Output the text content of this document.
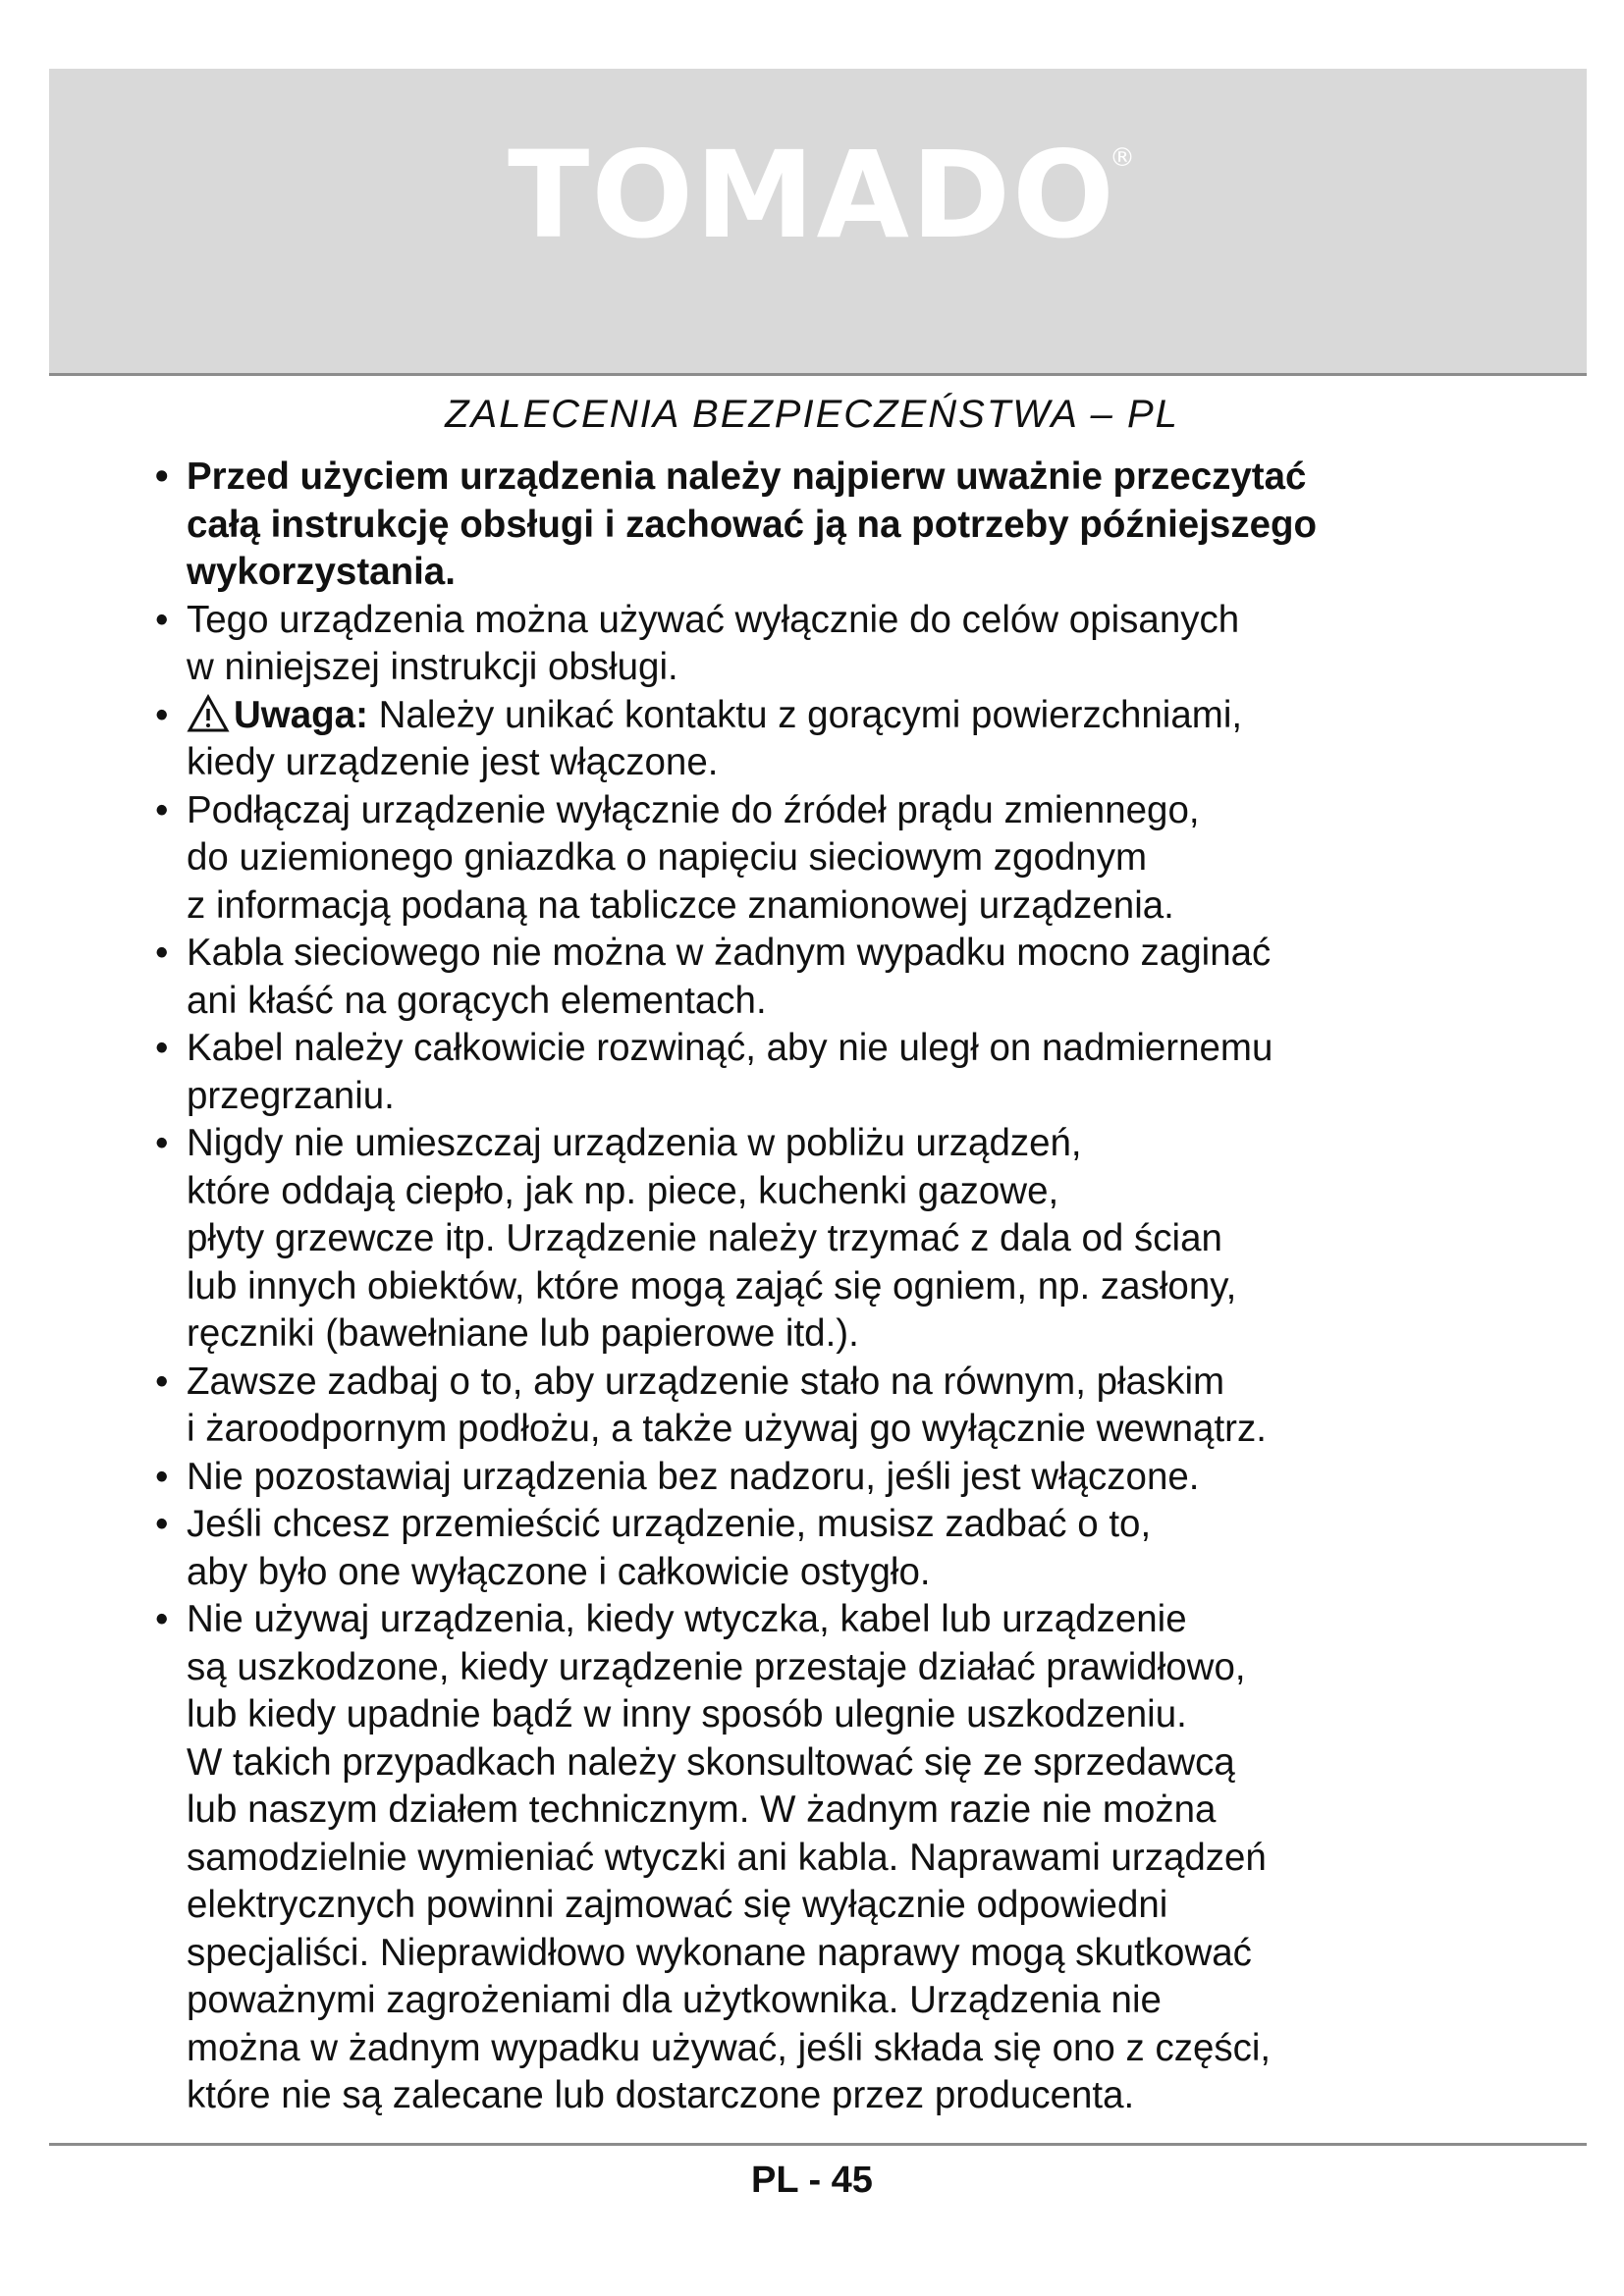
TOMADO
®
ZALECENIA BEZPIECZEŃSTWA – PL
• Przed użyciem urządzenia należy najpierw uważnie przeczytać
całą instrukcję obsługi i zachować ją na potrzeby późniejszego
wykorzystania.
• Tego urządzenia można używać wyłącznie do celów opisanych
w niniejszej instrukcji obsługi.
• Uwaga: Należy unikać kontaktu z gorącymi powierzchniami,
kiedy urządzenie jest włączone.
• Podłączaj urządzenie wyłącznie do źródeł prądu zmiennego,
do uziemionego gniazdka o napięciu sieciowym zgodnym
z informacją podaną na tabliczce znamionowej urządzenia.
• Kabla sieciowego nie można w żadnym wypadku mocno zaginać
ani kłaść na gorących elementach.
• Kabel należy całkowicie rozwinąć, aby nie uległ on nadmiernemu
przegrzaniu.
• Nigdy nie umieszczaj urządzenia w pobliżu urządzeń,
które oddają ciepło, jak np. piece, kuchenki gazowe,
płyty grzewcze itp. Urządzenie należy trzymać z dala od ścian
lub innych obiektów, które mogą zająć się ogniem, np. zasłony,
ręczniki (bawełniane lub papierowe itd.).
• Zawsze zadbaj o to, aby urządzenie stało na równym, płaskim
i żaroodpornym podłożu, a także używaj go wyłącznie wewnątrz.
• Nie pozostawiaj urządzenia bez nadzoru, jeśli jest włączone.
• Jeśli chcesz przemieścić urządzenie, musisz zadbać o to,
aby było one wyłączone i całkowicie ostygło.
• Nie używaj urządzenia, kiedy wtyczka, kabel lub urządzenie
są uszkodzone, kiedy urządzenie przestaje działać prawidłowo,
lub kiedy upadnie bądź w inny sposób ulegnie uszkodzeniu.
W takich przypadkach należy skonsultować się ze sprzedawcą
lub naszym działem technicznym. W żadnym razie nie można
samodzielnie wymieniać wtyczki ani kabla. Naprawami urządzeń
elektrycznych powinni zajmować się wyłącznie odpowiedni
specjaliści. Nieprawidłowo wykonane naprawy mogą skutkować
poważnymi zagrożeniami dla użytkownika. Urządzenia nie
można w żadnym wypadku używać, jeśli składa się ono z części,
które nie są zalecane lub dostarczone przez producenta.
PL - 45
